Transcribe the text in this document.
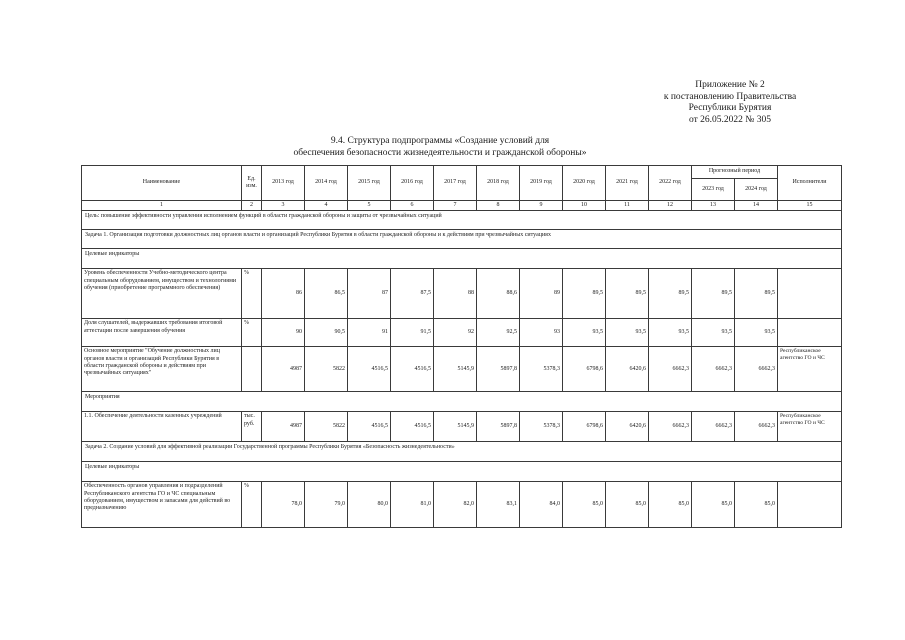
Приложение № 2
к постановлению Правительства
Республики Бурятия
от 26.05.2022 № 305
9.4. Структура подпрограммы «Создание условий для
обеспечения безопасности жизнедеятельности и гражданской обороны»
Наименование	Ед. изм.	2013 год	2014 год	2015 год	2016 год	2017 год	2018 год	2019 год	2020 год	2021 год	2022 год	Прогнозный период		Исполнители
												2023 год	2024 год	
1	2	3	4	5	6	7	8	9	10	11	12	13	14	15
Цель: повышение эффективности управления исполнением функций в области гражданской обороны и защиты от чрезвычайных ситуаций														
Задача 1. Организация подготовки должностных лиц органов власти и организаций Республики Бурятия в области гражданской обороны и к действиям при чрезвычайных ситуациях														
Целевые индикаторы														
Уровень обеспеченности Учебно-методического центра специальным оборудованием, имуществом и технологиями обучения (приобретение программного обеспечения)	%	86	86,5	87	87,5	88	88,6	89	89,5	89,5	89,5	89,5	89,5	
Доля слушателей, выдержавших требования итоговой аттестации после завершения обучения	%	90	90,5	91	91,5	92	92,5	93	93,5	93,5	93,5	93,5	93,5	
Основное мероприятие "Обучение должностных лиц органов власти и организаций Республики Бурятия в области гражданской обороны и действиям при чрезвычайных ситуациях"		4987	5822	4516,5	4516,5	5145,9	5897,8	5378,3	6798,6	6420,6	6662,3	6662,3	6662,3	Республиканское агентство ГО и ЧС
Мероприятия														
1.1. Обеспечение деятельности казенных учреждений	тыс. руб.	4987	5822	4516,5	4516,5	5145,9	5897,8	5378,3	6798,6	6420,6	6662,3	6662,3	6662,3	Республиканское агентство ГО и ЧС
Задача 2. Создание условий для эффективной реализации Государственной программы Республики Бурятия «Безопасность жизнедеятельности»														
Целевые индикаторы														
Обеспеченность органов управления и подразделений Республиканского агентства ГО и ЧС специальным оборудованием, имуществом и запасами для действий во предназначению	%	78,0	79,0	80,0	81,0	82,0	83,1	84,0	85,0	85,0	85,0	85,0	85,0	
